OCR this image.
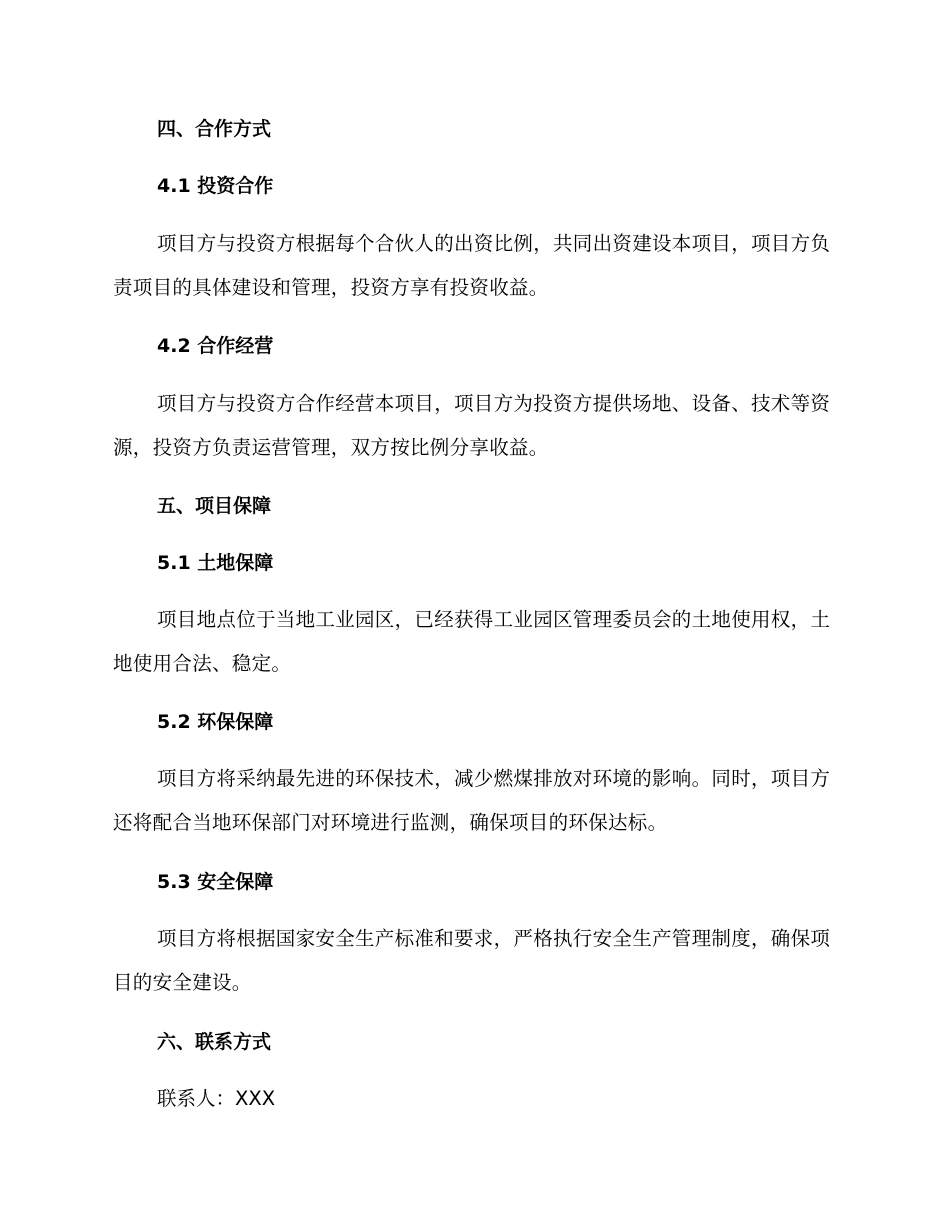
四、合作方式
4.1 投资合作

项目方与投资方根据每个合伙人的出资比例，共同出资建设本项目，项目方负责项目的具体建设和管理，投资方享有投资收益。

4.2 合作经营

项目方与投资方合作经营本项目，项目方为投资方提供场地、设备、技术等资源，投资方负责运营管理，双方按比例分享收益。

五、项目保障
5.1 土地保障

项目地点位于当地工业园区，已经获得工业园区管理委员会的土地使用权，土地使用合法、稳定。

5.2 环保保障

项目方将采纳最先进的环保技术，减少燃煤排放对环境的影响。同时，项目方还将配合当地环保部门对环境进行监测，确保项目的环保达标。

5.3 安全保障

项目方将根据国家安全生产标准和要求，严格执行安全生产管理制度，确保项目的安全建设。

六、联系方式
联系人：XXX
